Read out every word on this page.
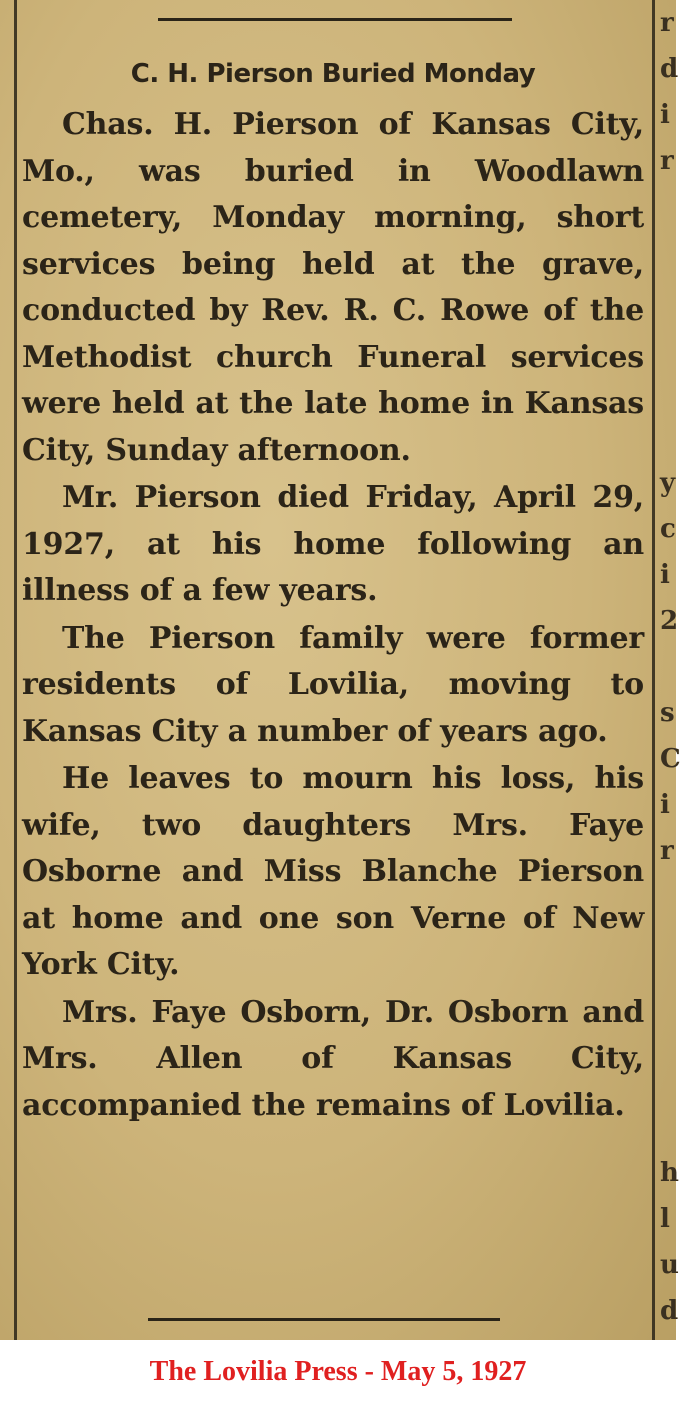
r
d
i
r

y
c
i
2

s
C
i
r

h
l
u
d

C. H. Pierson Buried Monday

Chas. H. Pierson of Kansas City, Mo., was buried in Woodlawn cemetery, Monday morning, short services being held at the grave, conducted by Rev. R. C. Rowe of the Methodist church Funeral services were held at the late home in Kansas City, Sunday afternoon.

Mr. Pierson died Friday, April 29, 1927, at his home following an illness of a few years.

The Pierson family were former residents of Lovilia, moving to Kansas City a number of years ago.

He leaves to mourn his loss, his wife, two daughters Mrs. Faye Osborne and Miss Blanche Pierson at home and one son Verne of New York City.

Mrs. Faye Osborn, Dr. Osborn and Mrs. Allen of Kansas City, accompanied the remains of Lovilia.

The Lovilia Press - May 5, 1927
